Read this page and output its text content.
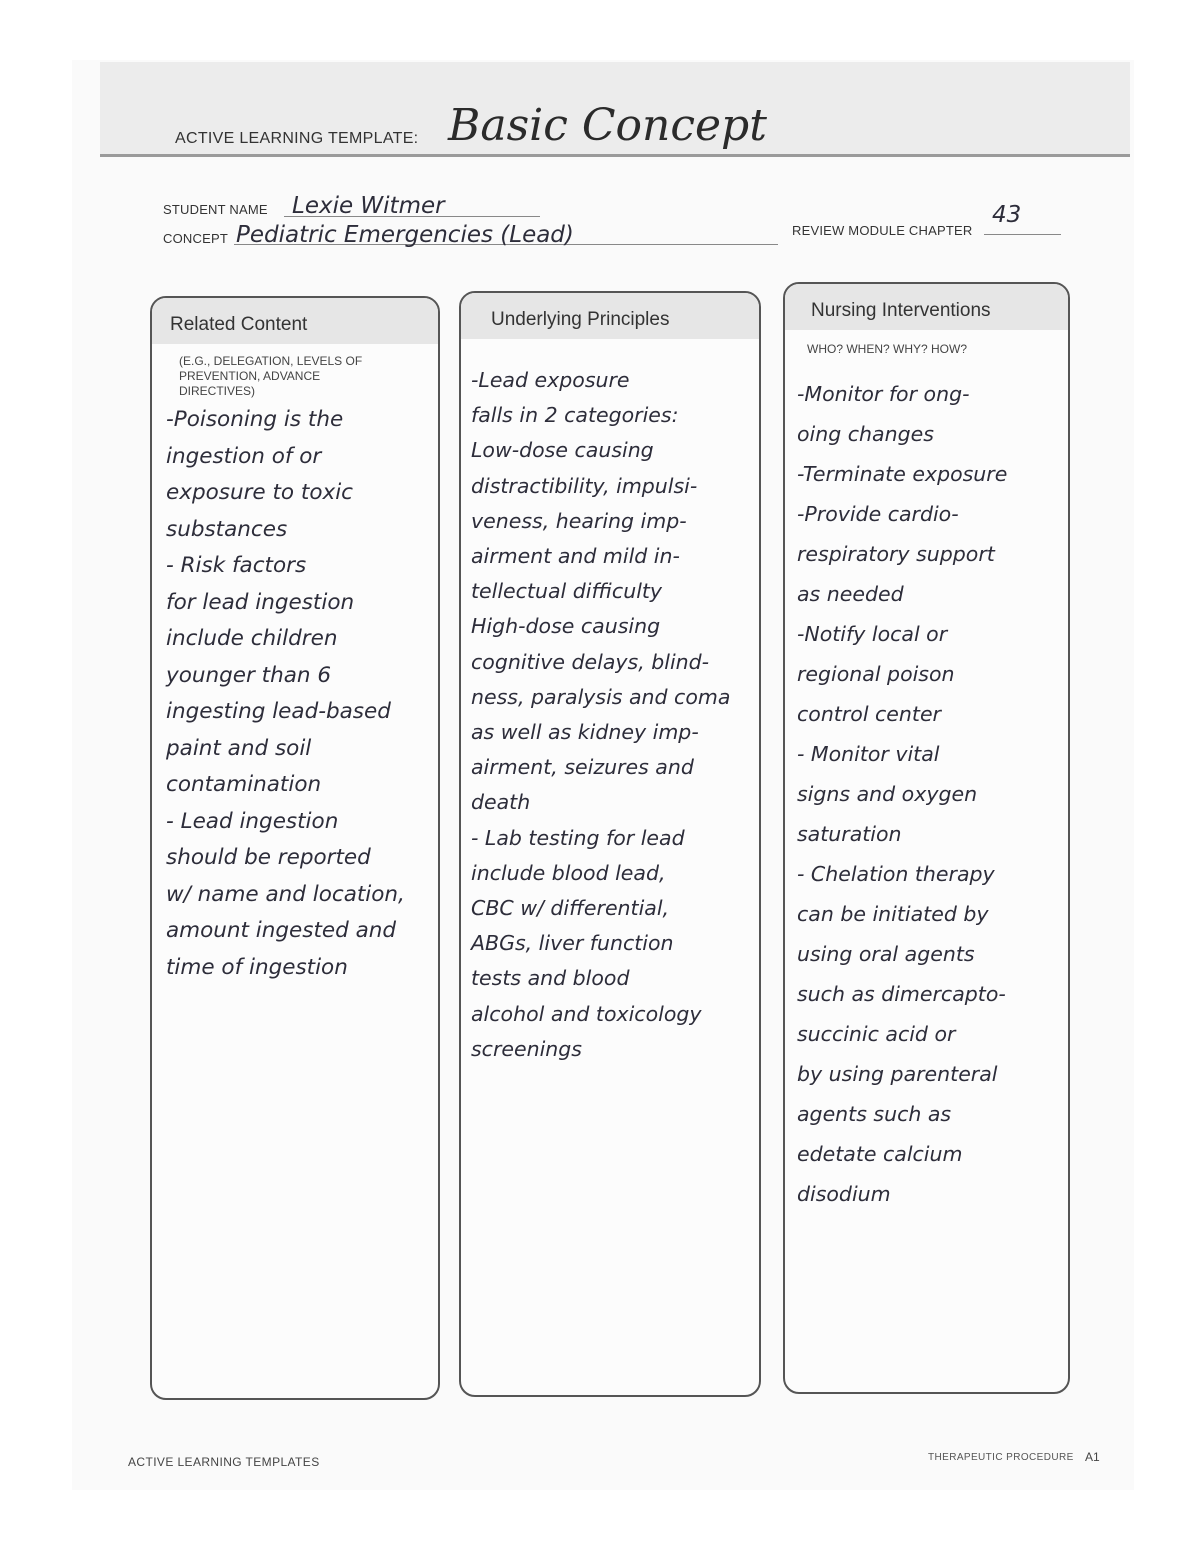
ACTIVE LEARNING TEMPLATE: Basic Concept
STUDENT NAME Lexie Witmer
CONCEPT Pediatric Emergencies (Lead)	REVIEW MODULE CHAPTER
43
Related Content
(E.G., DELEGATION, LEVELS OF PREVENTION, ADVANCE DIRECTIVES)
-Poisoning is the
ingestion of or
exposure to toxic
substances
- Risk factors
for lead ingestion
include children
younger than 6
ingesting lead-based
paint and soil
contamination
- Lead ingestion
should be reported
w/ name and location,
amount ingested and
time of ingestion
Underlying Principles
-Lead exposure
falls in 2 categories:
Low-dose causing
distractibility, impulsi-
veness, hearing imp-
airment and mild in-
tellectual difficulty
High-dose causing
cognitive delays, blind-
ness, paralysis and coma
as well as kidney imp-
airment, seizures and
death
- Lab testing for lead
include blood lead,
CBC w/ differential,
ABGs, liver function
tests and blood
alcohol and toxicology
screenings
Nursing Interventions
WHO? WHEN? WHY? HOW?
-Monitor for ong-
oing changes
-Terminate exposure
-Provide cardio-
respiratory support
as needed
-Notify local or
regional poison
control center
- Monitor vital
signs and oxygen
saturation
- Chelation therapy
can be initiated by
using oral agents
such as dimercapto-
succinic acid or
by using parenteral
agents such as
edetate calcium
disodium
ACTIVE LEARNING TEMPLATES	THERAPEUTIC PROCEDURE A1
